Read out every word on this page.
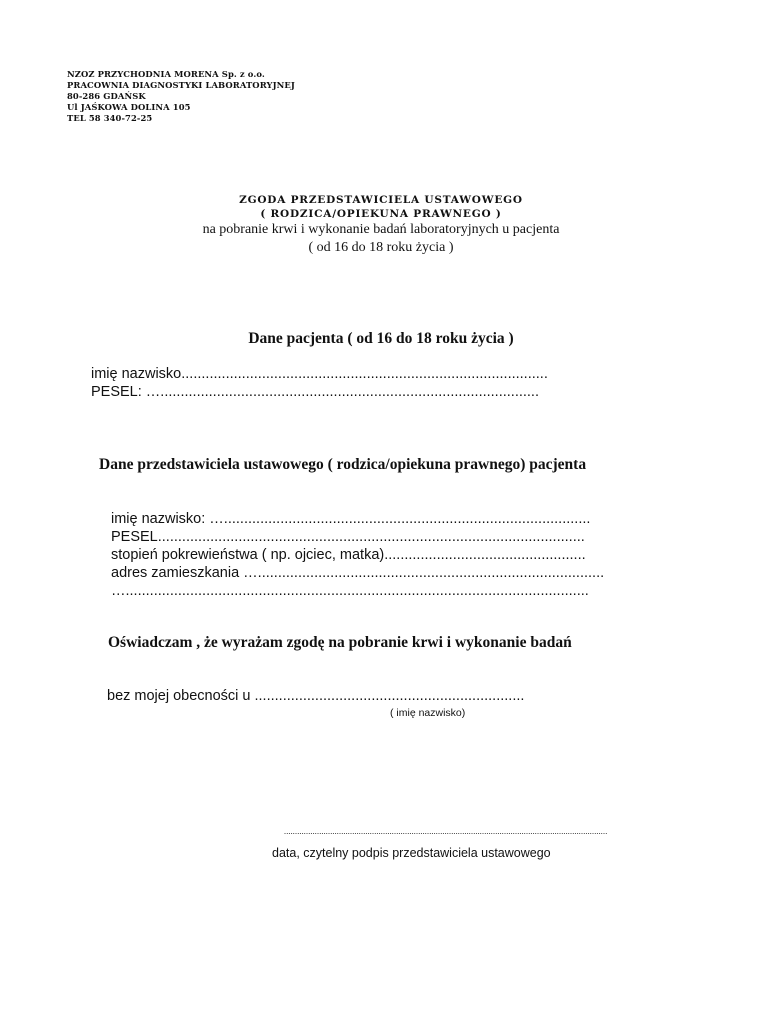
NZOZ PRZYCHODNIA MORENA Sp. z o.o.
PRACOWNIA DIAGNOSTYKI LABORATORYJNEJ
80-286 GDAŃSK
Ul JAŚKOWA DOLINA 105
TEL 58 340-72-25
ZGODA PRZEDSTAWICIELA USTAWOWEGO
( RODZICA/OPIEKUNA PRAWNEGO )
na pobranie krwi i wykonanie badań laboratoryjnych u pacjenta
( od 16 do 18 roku życia )
Dane pacjenta ( od 16 do 18 roku życia )
imię nazwisko...........................................................................................
PESEL: …..............................................................................................
Dane przedstawiciela ustawowego ( rodzica/opiekuna prawnego) pacjenta
imię nazwisko: …...........................................................................................
PESEL..........................................................................................................
stopień pokrewieństwa ( np. ojciec, matka)..................................................
adres zamieszkania …......................................................................................
…...................................................................................................................
Oświadczam , że wyrażam zgodę na pobranie krwi i wykonanie badań
bez mojej obecności u ...................................................................
( imię nazwisko)
...................................................................................................................................................
data, czytelny podpis przedstawiciela ustawowego
